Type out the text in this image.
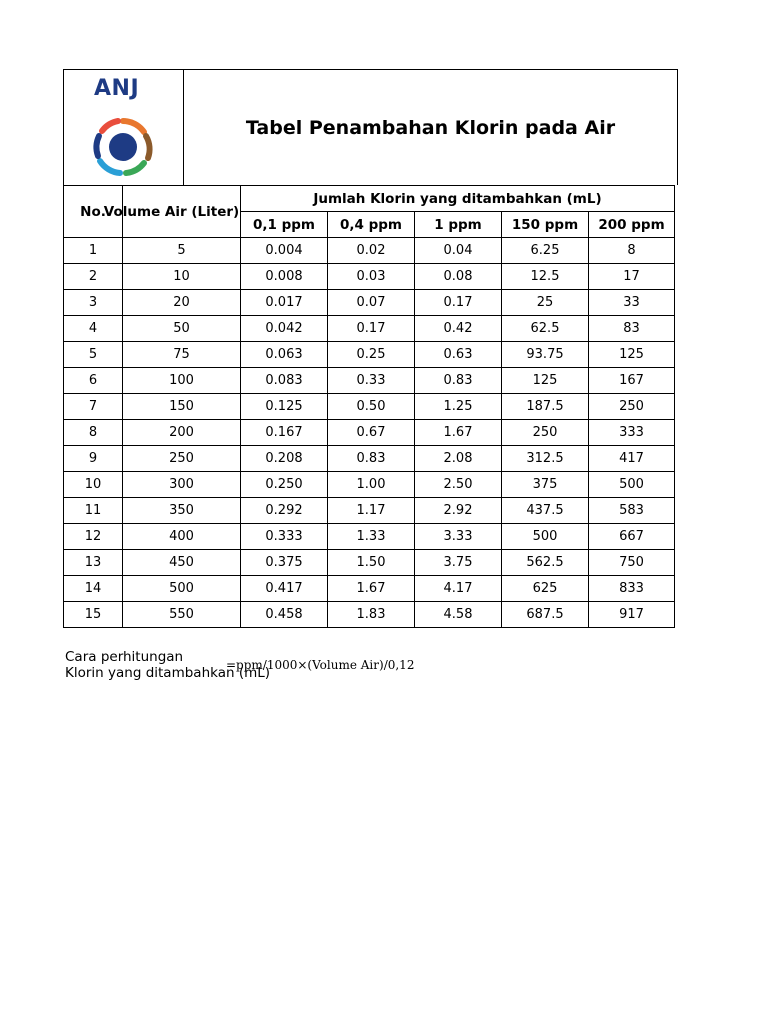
ANJ
Tabel Penambahan Klorin pada Air
No.	Volume Air (Liter)	Jumlah Klorin yang ditambahkan (mL)				
		0,1 ppm	0,4 ppm	1 ppm	150 ppm	200 ppm
1	5	0.004	0.02	0.04	6.25	8
2	10	0.008	0.03	0.08	12.5	17
3	20	0.017	0.07	0.17	25	33
4	50	0.042	0.17	0.42	62.5	83
5	75	0.063	0.25	0.63	93.75	125
6	100	0.083	0.33	0.83	125	167
7	150	0.125	0.50	1.25	187.5	250
8	200	0.167	0.67	1.67	250	333
9	250	0.208	0.83	2.08	312.5	417
10	300	0.250	1.00	2.50	375	500
11	350	0.292	1.17	2.92	437.5	583
12	400	0.333	1.33	3.33	500	667
13	450	0.375	1.50	3.75	562.5	750
14	500	0.417	1.67	4.17	625	833
15	550	0.458	1.83	4.58	687.5	917
Cara perhitungan
Klorin yang ditambahkan (mL)
=ppm/1000×(Volume Air)/0,12
